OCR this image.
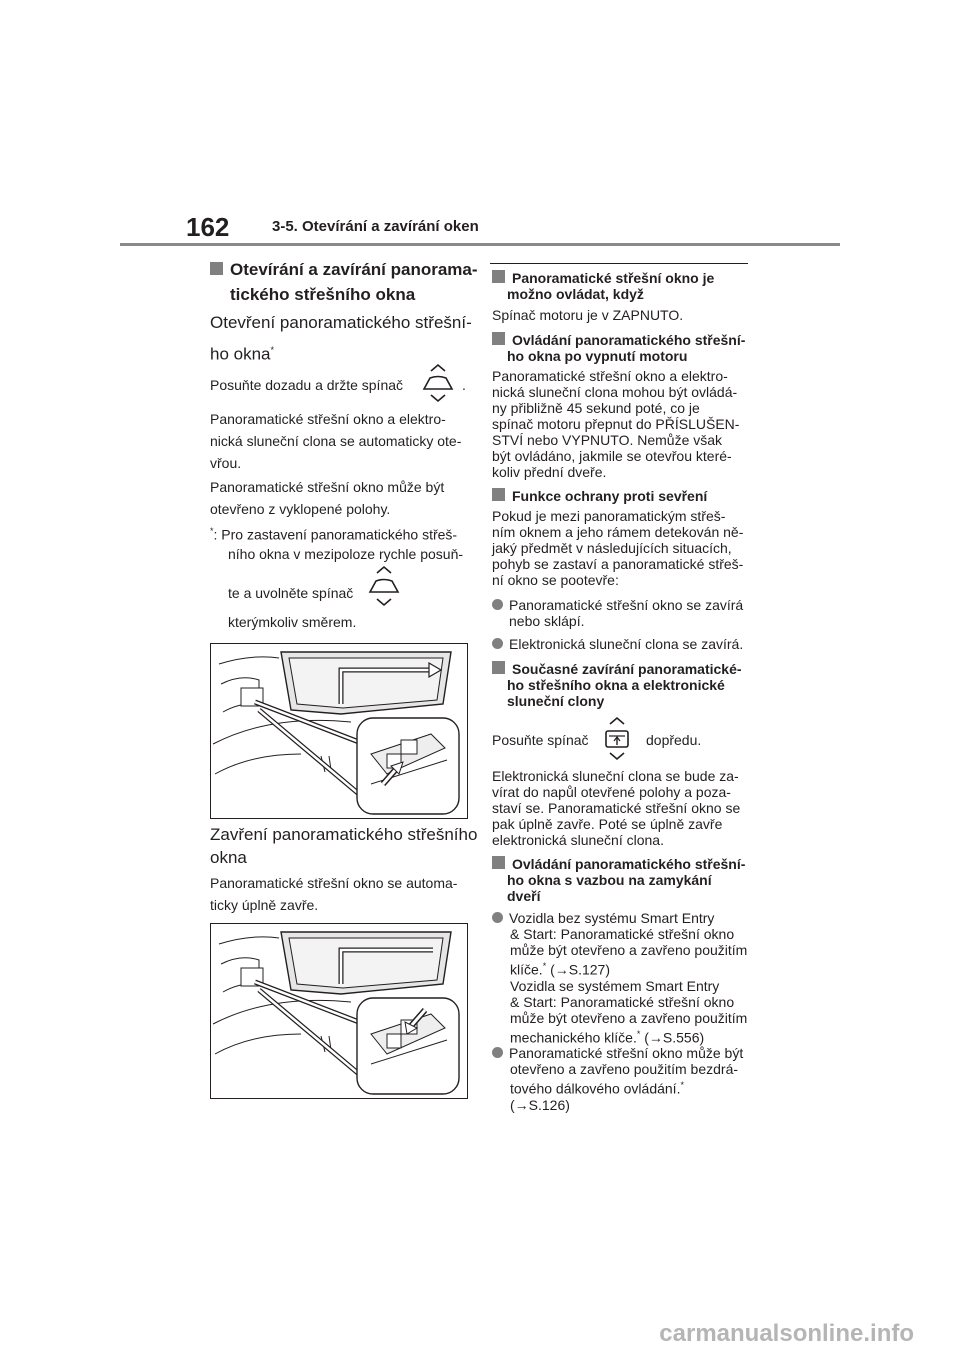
162	3-5. Otevírání a zavírání oken
Otevírání a zavírání panorama-
tického střešního okna
Otevření panoramatického střešní-
ho okna*
Posuňte dozadu a držte spínač	.
Panoramatické střešní okno a elektro-
nická sluneční clona se automaticky ote-
vřou.
Panoramatické střešní okno může být
otevřeno z vyklopené polohy.
*: Pro zastavení panoramatického střeš-
ního okna v mezipoloze rychle posuň-
te a uvolněte spínač
kterýmkoliv směrem.
Zavření panoramatického střešního
okna
Panoramatické střešní okno se automa-
ticky úplně zavře.
Panoramatické střešní okno je
možno ovládat, když
Spínač motoru je v ZAPNUTO.
Ovládání panoramatického střešní-
ho okna po vypnutí motoru
Panoramatické střešní okno a elektro-
nická sluneční clona mohou být ovládá-
ny přibližně 45 sekund poté, co je
spínač motoru přepnut do PŘÍSLUŠEN-
STVÍ nebo VYPNUTO. Nemůže však
být ovládáno, jakmile se otevřou které-
koliv přední dveře.
Funkce ochrany proti sevření
Pokud je mezi panoramatickým střeš-
ním oknem a jeho rámem detekován ně-
jaký předmět v následujících situacích,
pohyb se zastaví a panoramatické střeš-
ní okno se pootevře:
Panoramatické střešní okno se zavírá
nebo sklápí.
Elektronická sluneční clona se zavírá.
Současné zavírání panoramatické-
ho střešního okna a elektronické
sluneční clony
Posuňte spínač	dopředu.
Elektronická sluneční clona se bude za-
vírat do napůl otevřené polohy a poza-
staví se. Panoramatické střešní okno se
pak úplně zavře. Poté se úplně zavře
elektronická sluneční clona.
Ovládání panoramatického střešní-
ho okna s vazbou na zamykání
dveří
Vozidla bez systému Smart Entry
& Start: Panoramatické střešní okno
může být otevřeno a zavřeno použitím
klíče.* (→S.127)
Vozidla se systémem Smart Entry
& Start: Panoramatické střešní okno
může být otevřeno a zavřeno použitím
mechanického klíče.* (→S.556)
Panoramatické střešní okno může být
otevřeno a zavřeno použitím bezdrá-
tového dálkového ovládání.*
(→S.126)
carmanualsonline.info
